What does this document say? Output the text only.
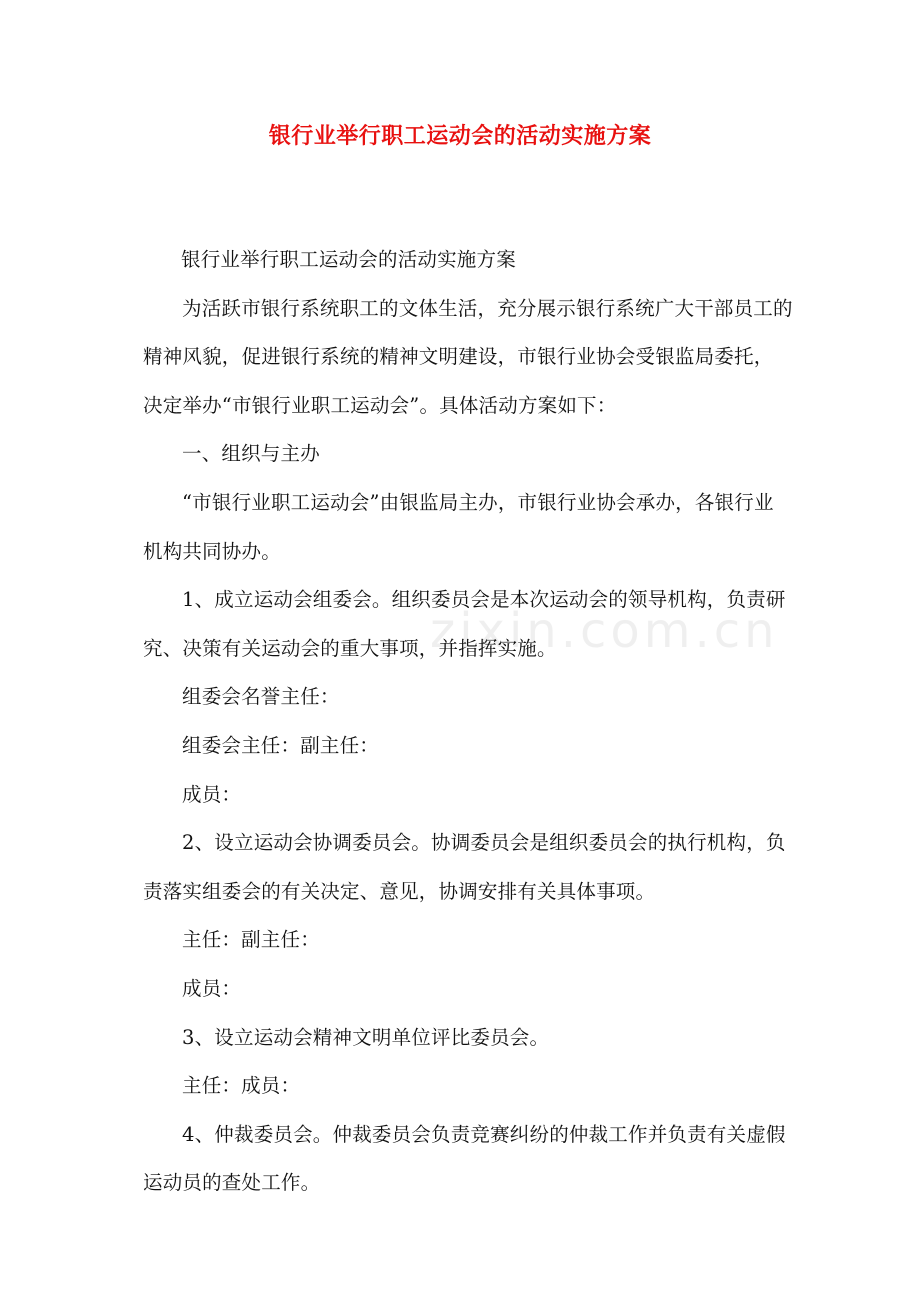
银行业举行职工运动会的活动实施方案

银行业举行职工运动会的活动实施方案

为活跃市银行系统职工的文体生活，充分展示银行系统广大干部员工的精神风貌，促进银行系统的精神文明建设，市银行业协会受银监局委托，决定举办“市银行业职工运动会”。具体活动方案如下：

一、组织与主办

“市银行业职工运动会”由银监局主办，市银行业协会承办，各银行业机构共同协办。

1、成立运动会组委会。组织委员会是本次运动会的领导机构，负责研究、决策有关运动会的重大事项，并指挥实施。

组委会名誉主任：

组委会主任：副主任：

成员：

2、设立运动会协调委员会。协调委员会是组织委员会的执行机构，负责落实组委会的有关决定、意见，协调安排有关具体事项。

主任：副主任：

成员：

3、设立运动会精神文明单位评比委员会。

主任：成员：

4、仲裁委员会。仲裁委员会负责竞赛纠纷的仲裁工作并负责有关虚假运动员的查处工作。

zixin.com.cn
